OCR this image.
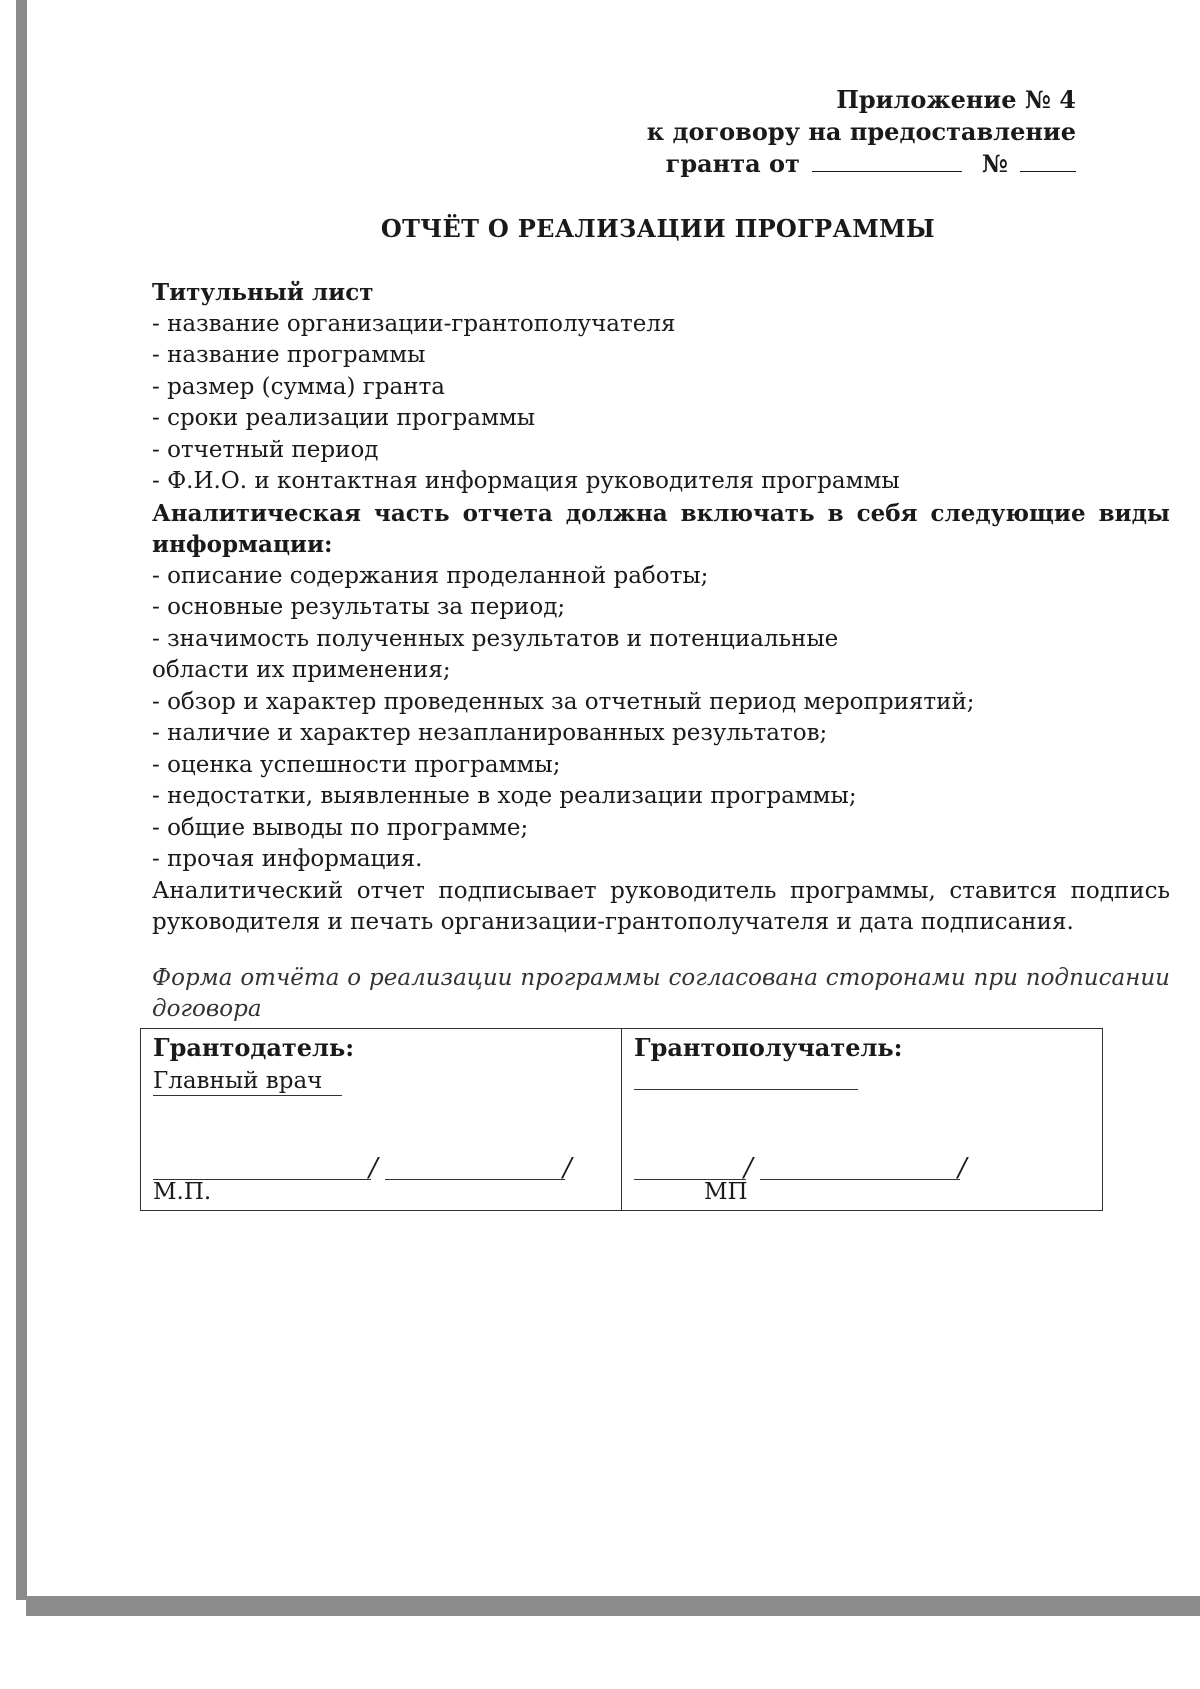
Приложение № 4
к договору на предоставление
гранта от	№
ОТЧЁТ О РЕАЛИЗАЦИИ ПРОГРАММЫ

Титульный лист

- название организации-грантополучателя

- название программы

- размер (сумма) гранта

- сроки реализации программы

- отчетный период

- Ф.И.О. и контактная информация руководителя программы

Аналитическая часть отчета должна включать в себя следующие виды информации:

- описание содержания проделанной работы;

- основные результаты за период;

- значимость полученных результатов и потенциальные области их применения;

- обзор и характер проведенных за отчетный период мероприятий;

- наличие и характер незапланированных результатов;

- оценка успешности программы;

- недостатки, выявленные в ходе реализации программы;

- общие выводы по программе;

- прочая информация.

Аналитический отчет подписывает руководитель программы, ставится подпись руководителя и печать организации-грантополучателя и дата подписания.

Форма отчёта о реализации программы согласована сторонами при подписании договора

Грантодатель:
Главный врач
/	/
М.П.
Грантополучатель:
/	/
МП
